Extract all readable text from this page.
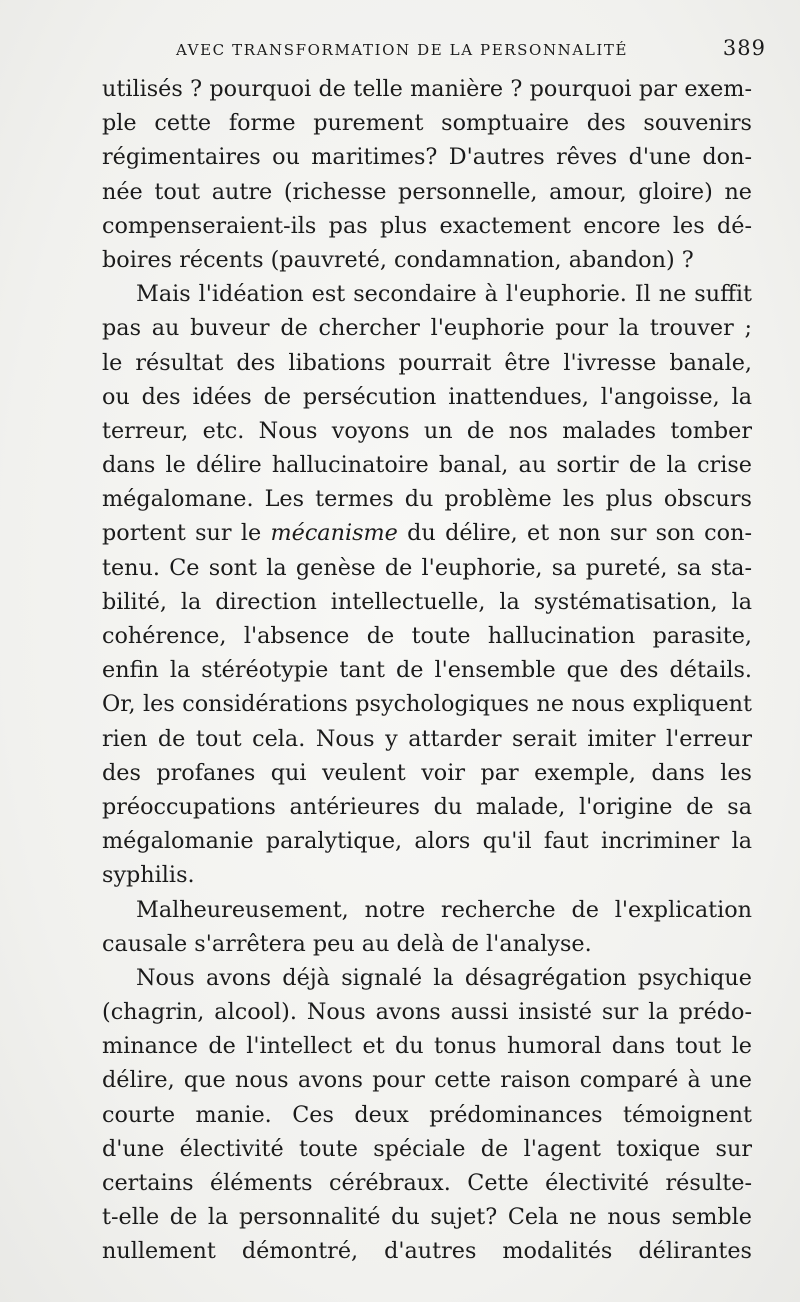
AVEC TRANSFORMATION DE LA PERSONNALITÉ	389
utilisés ? pourquoi de telle manière ? pourquoi par exem-
ple cette forme purement somptuaire des souvenirs
régimentaires ou maritimes? D'autres rêves d'une don-
née tout autre (richesse personnelle, amour, gloire) ne
compenseraient-ils pas plus exactement encore les dé-
boires récents (pauvreté, condamnation, abandon) ?
Mais l'idéation est secondaire à l'euphorie. Il ne suffit
pas au buveur de chercher l'euphorie pour la trouver ;
le résultat des libations pourrait être l'ivresse banale,
ou des idées de persécution inattendues, l'angoisse, la
terreur, etc. Nous voyons un de nos malades tomber
dans le délire hallucinatoire banal, au sortir de la crise
mégalomane. Les termes du problème les plus obscurs
portent sur le mécanisme du délire, et non sur son con-
tenu. Ce sont la genèse de l'euphorie, sa pureté, sa sta-
bilité, la direction intellectuelle, la systématisation, la
cohérence, l'absence de toute hallucination parasite,
enfin la stéréotypie tant de l'ensemble que des détails.
Or, les considérations psychologiques ne nous expliquent
rien de tout cela. Nous y attarder serait imiter l'erreur
des profanes qui veulent voir par exemple, dans les
préoccupations antérieures du malade, l'origine de sa
mégalomanie paralytique, alors qu'il faut incriminer la
syphilis.
Malheureusement, notre recherche de l'explication
causale s'arrêtera peu au delà de l'analyse.
Nous avons déjà signalé la désagrégation psychique
(chagrin, alcool). Nous avons aussi insisté sur la prédo-
minance de l'intellect et du tonus humoral dans tout le
délire, que nous avons pour cette raison comparé à une
courte manie. Ces deux prédominances témoignent
d'une électivité toute spéciale de l'agent toxique sur
certains éléments cérébraux. Cette électivité résulte-
t-elle de la personnalité du sujet? Cela ne nous semble
nullement démontré, d'autres modalités délirantes
